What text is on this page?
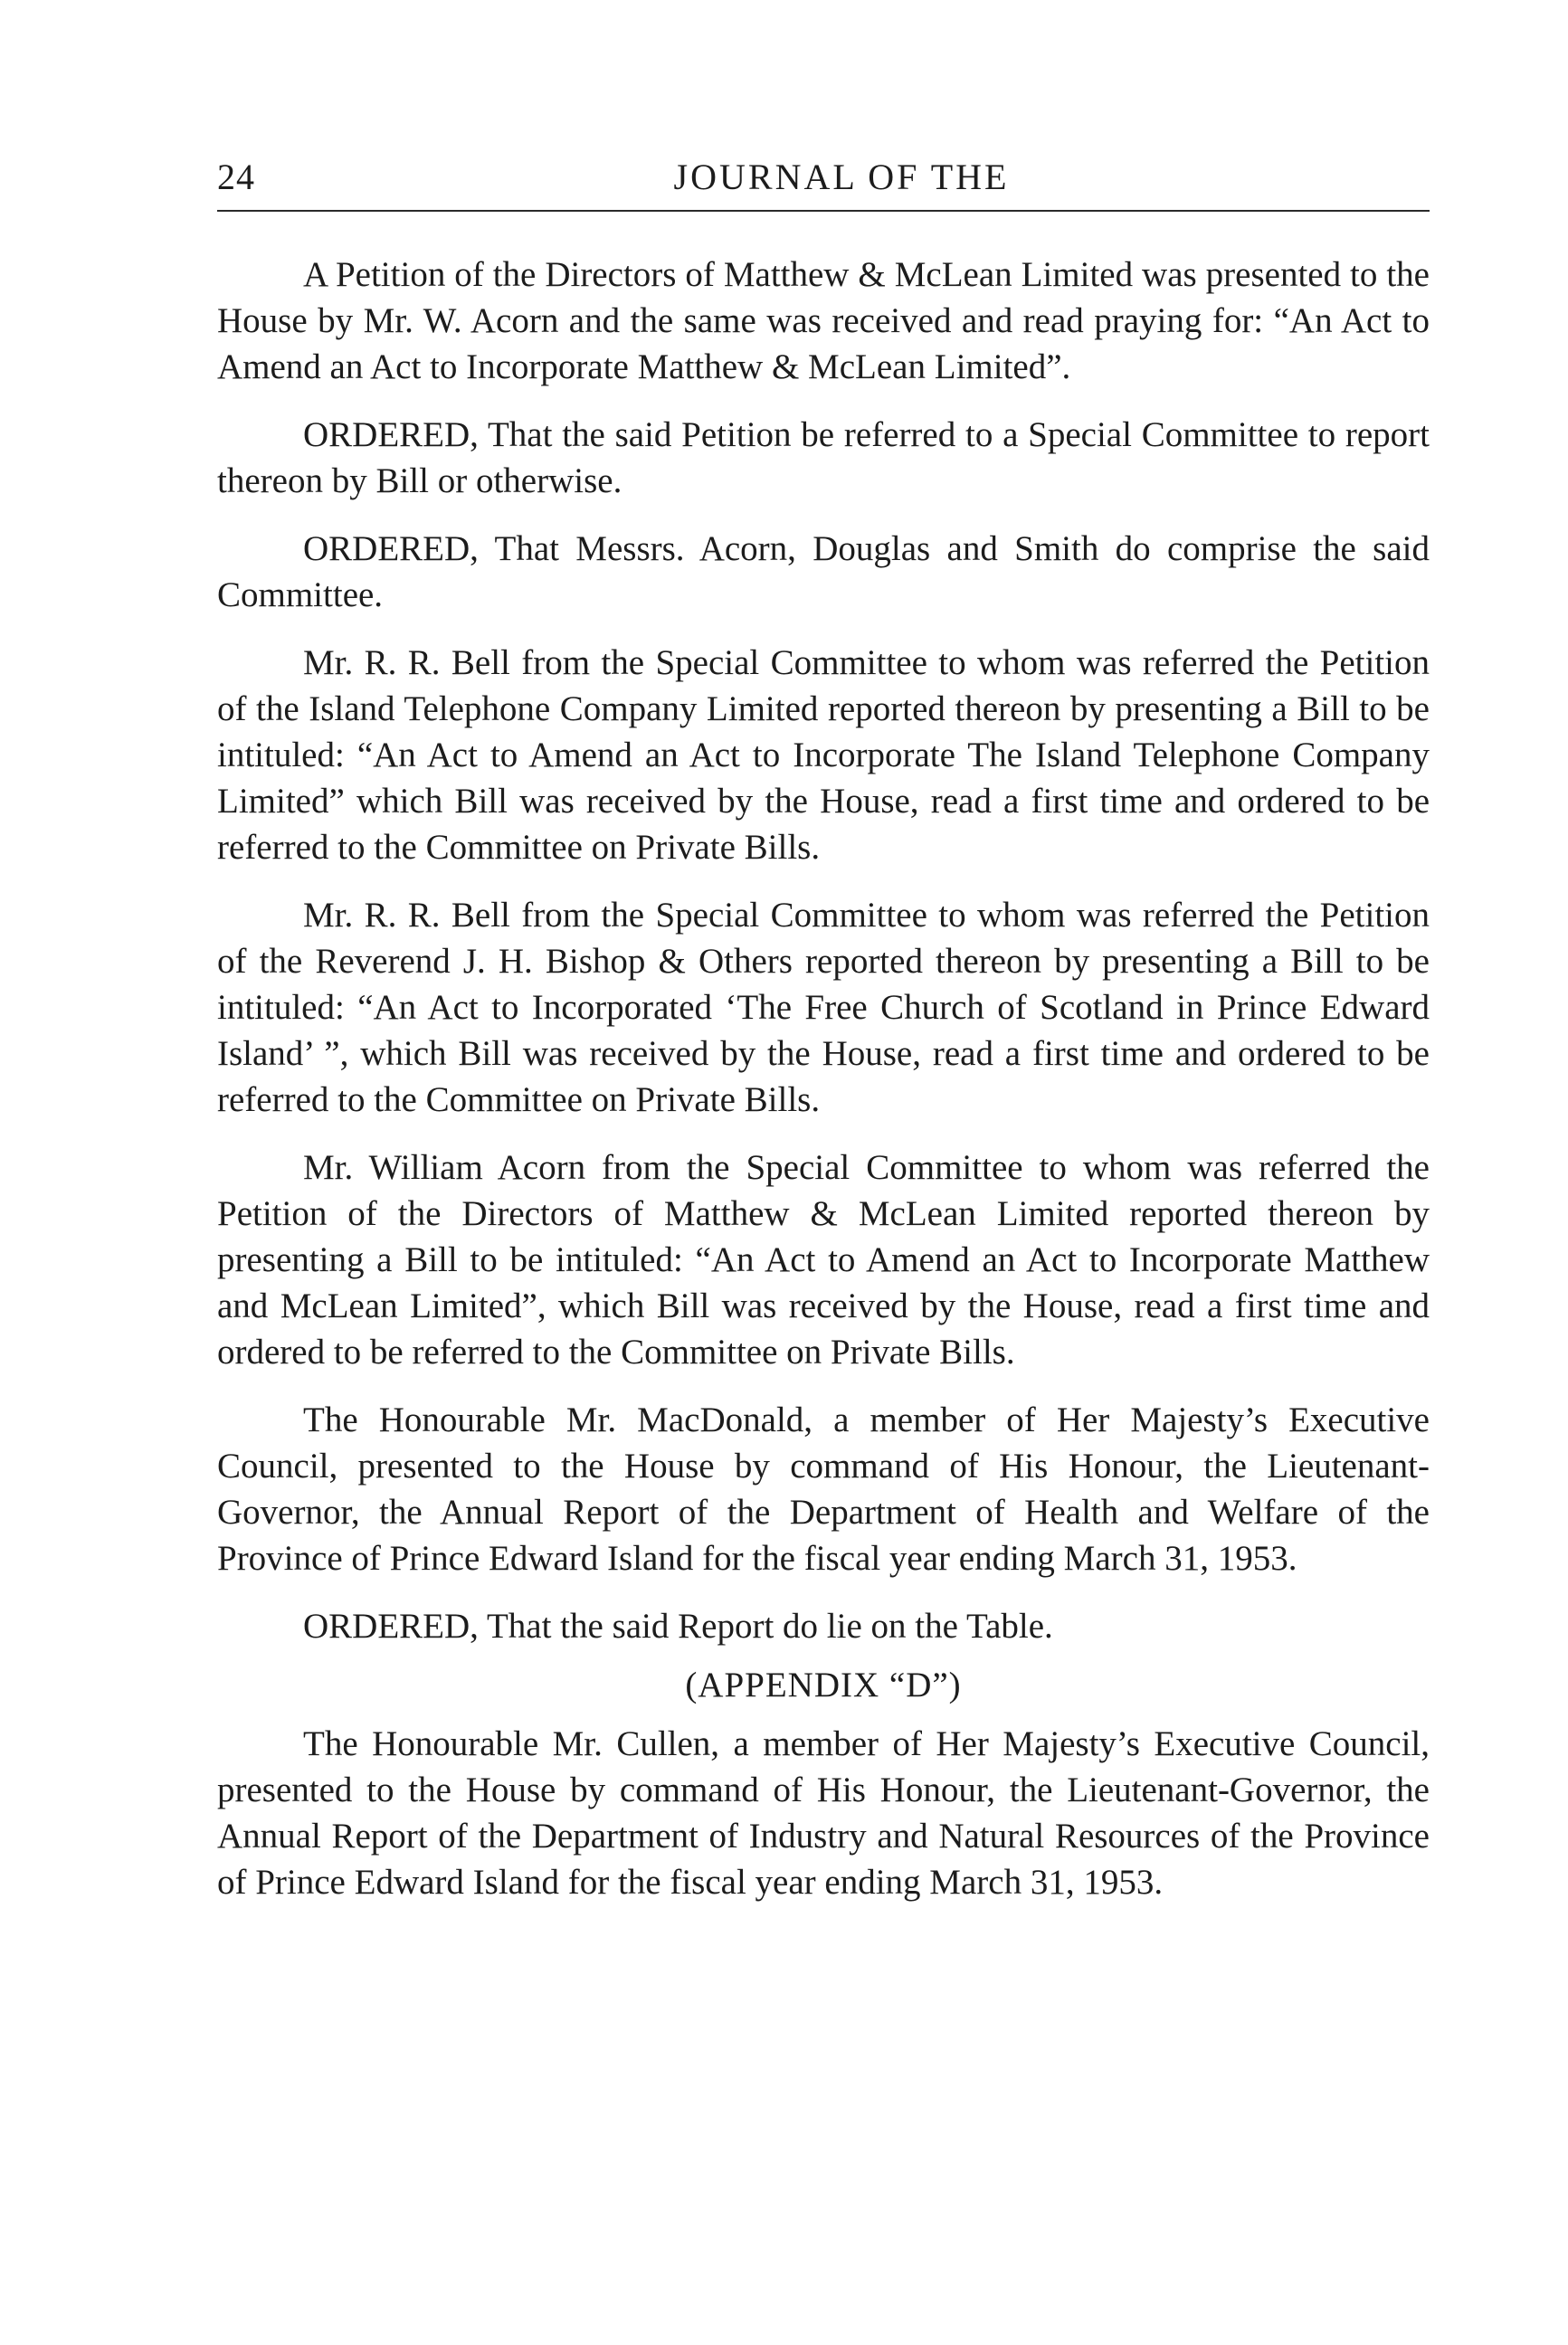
24	JOURNAL OF THE

A Petition of the Directors of Matthew & McLean Limited was presented to the House by Mr. W. Acorn and the same was received and read praying for: “An Act to Amend an Act to Incorporate Matthew & McLean Limited”.

ORDERED, That the said Petition be referred to a Special Committee to report thereon by Bill or otherwise.

ORDERED, That Messrs. Acorn, Douglas and Smith do comprise the said Committee.

Mr. R. R. Bell from the Special Committee to whom was referred the Petition of the Island Telephone Company Limited reported thereon by presenting a Bill to be intituled: “An Act to Amend an Act to Incorporate The Island Telephone Company Limited” which Bill was received by the House, read a first time and ordered to be referred to the Committee on Private Bills.

Mr. R. R. Bell from the Special Committee to whom was referred the Petition of the Reverend J. H. Bishop & Others reported thereon by presenting a Bill to be intituled: “An Act to Incorporated ‘The Free Church of Scotland in Prince Edward Island’ ”, which Bill was received by the House, read a first time and ordered to be referred to the Committee on Private Bills.

Mr. William Acorn from the Special Committee to whom was referred the Petition of the Directors of Matthew & McLean Limited reported thereon by presenting a Bill to be intituled: “An Act to Amend an Act to Incorporate Matthew and McLean Limited”, which Bill was received by the House, read a first time and ordered to be referred to the Committee on Private Bills.

The Honourable Mr. MacDonald, a member of Her Majesty’s Executive Council, presented to the House by command of His Honour, the Lieutenant-Governor, the Annual Report of the Department of Health and Welfare of the Province of Prince Edward Island for the fiscal year ending March 31, 1953.

ORDERED, That the said Report do lie on the Table.

(APPENDIX “D”)

The Honourable Mr. Cullen, a member of Her Majesty’s Executive Council, presented to the House by command of His Honour, the Lieutenant-Governor, the Annual Report of the Department of Industry and Natural Resources of the Province of Prince Edward Island for the fiscal year ending March 31, 1953.
